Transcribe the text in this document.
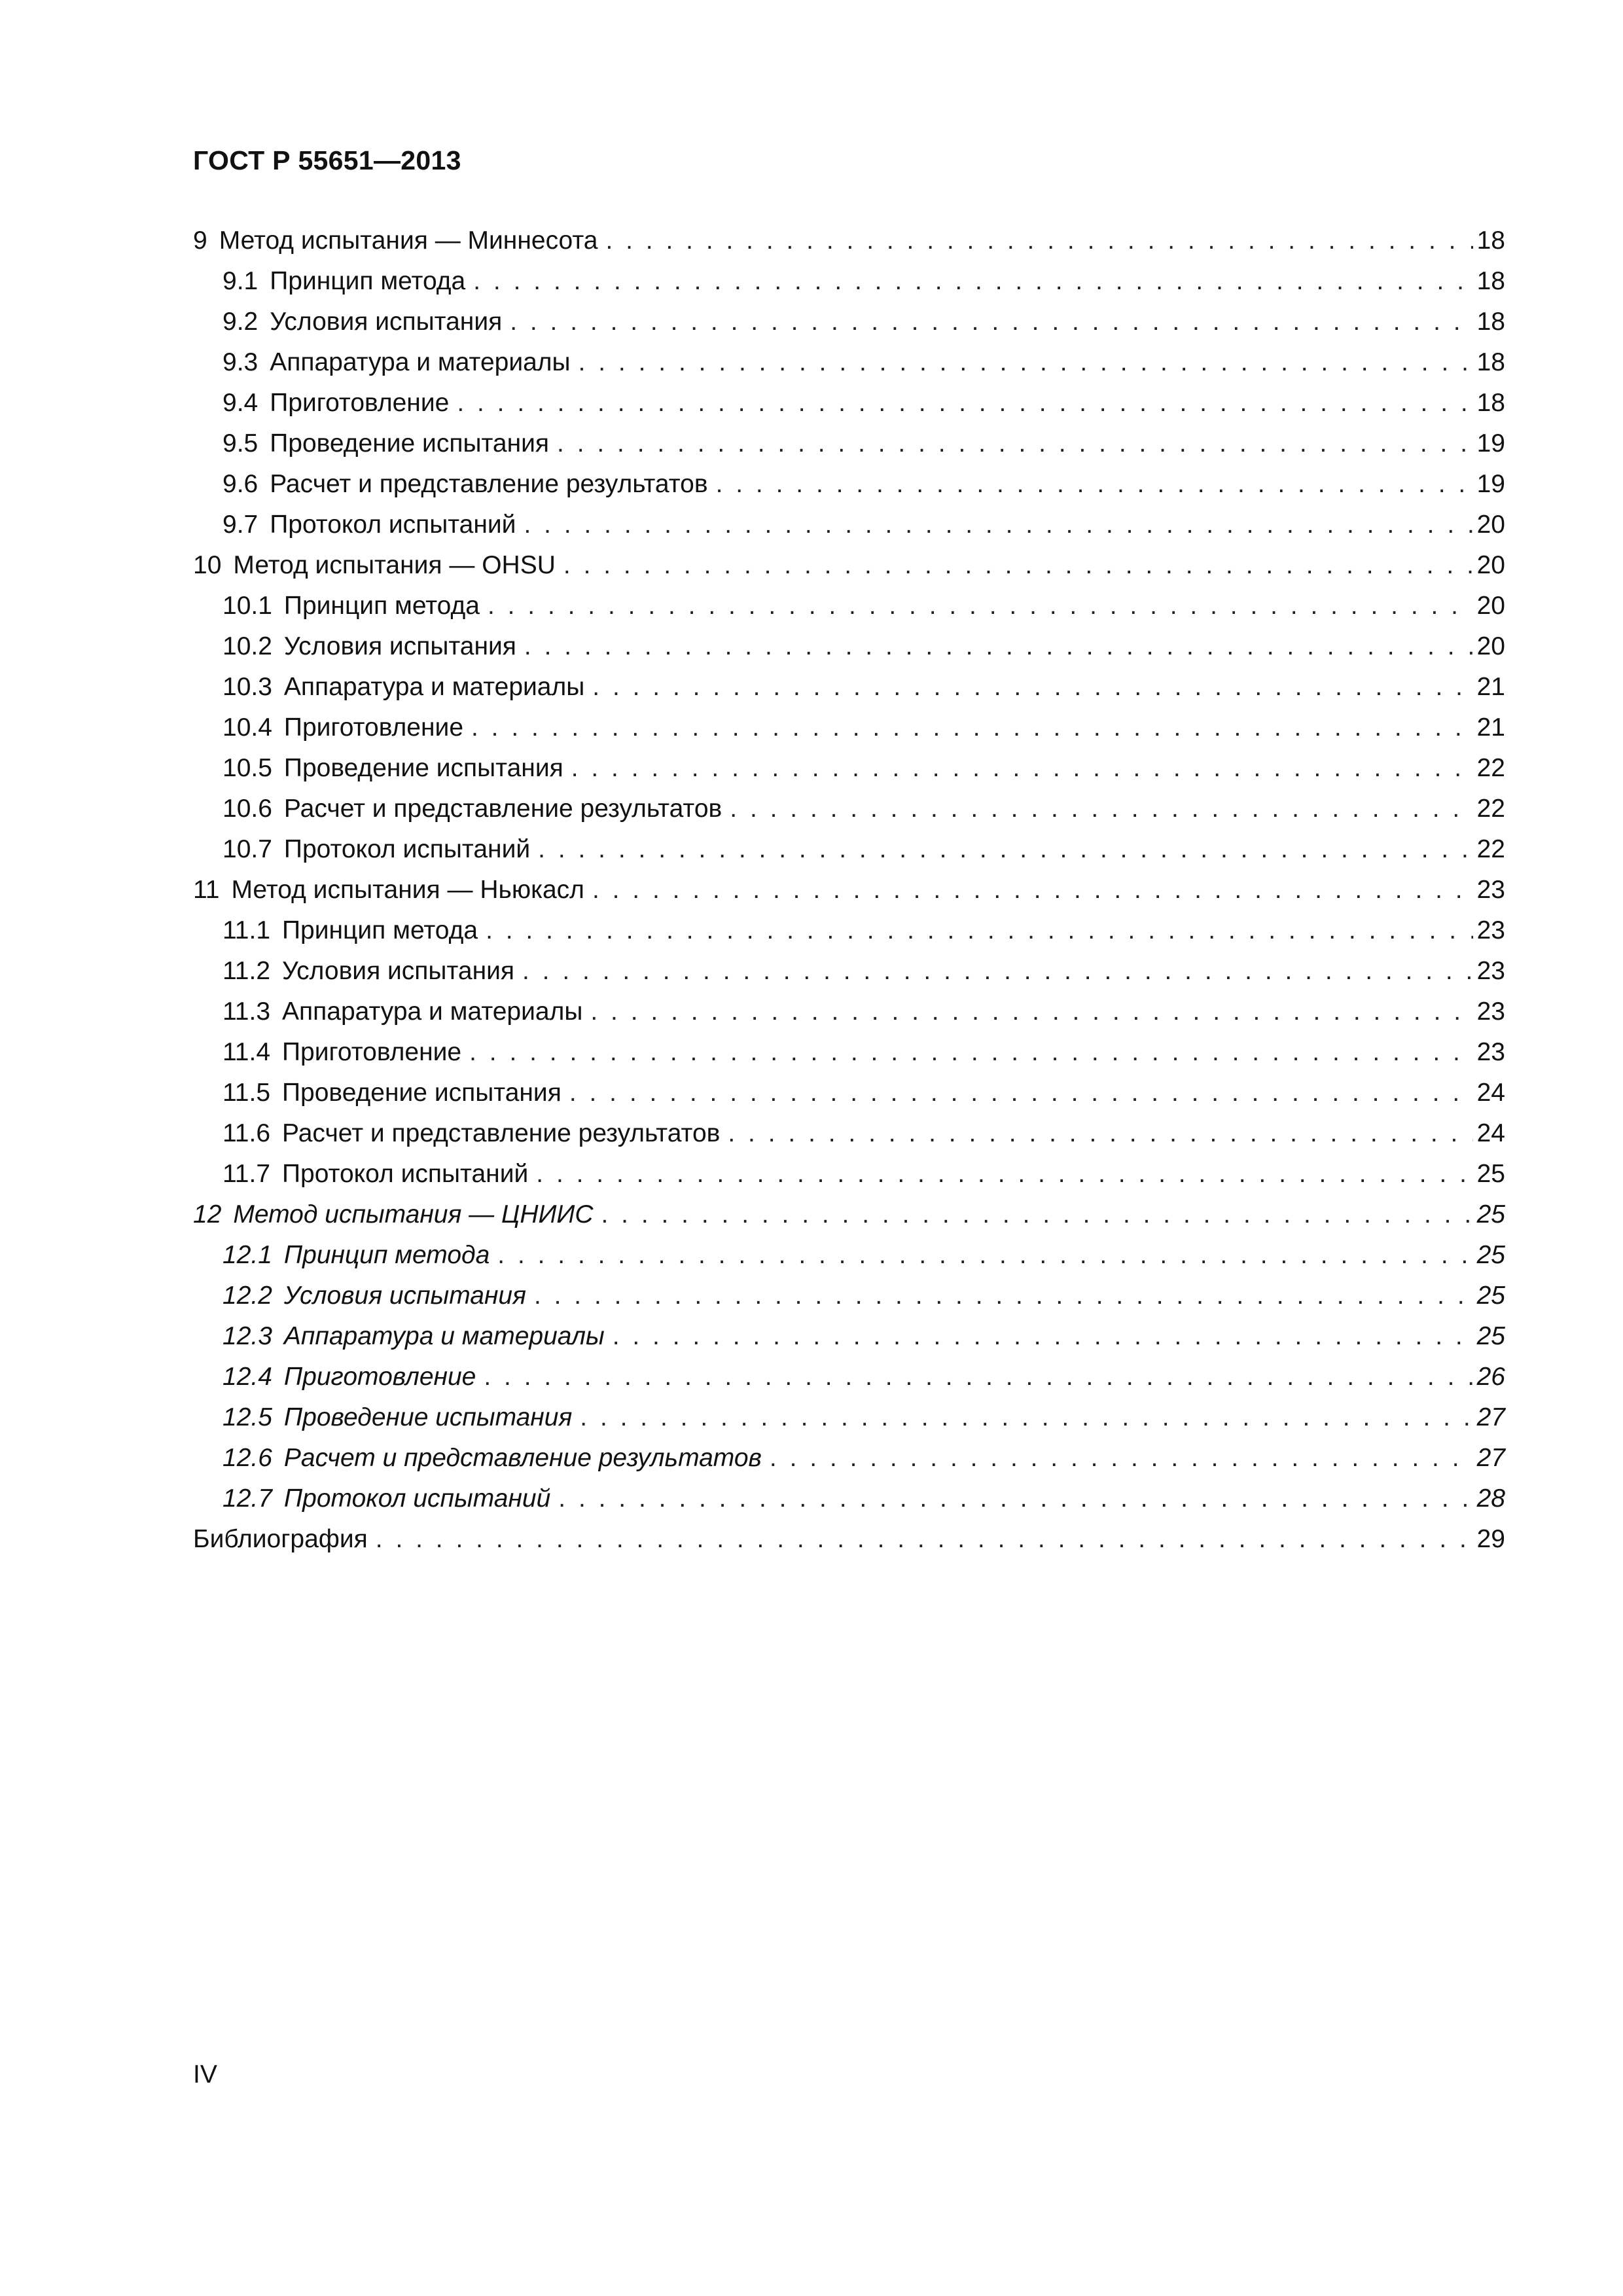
ГОСТ Р 55651—2013
9 Метод испытания — Миннесота . . .	18
9.1 Принцип метода . . .	18
9.2 Условия испытания . . .	18
9.3 Аппаратура и материалы . . .	18
9.4 Приготовление . . .	18
9.5 Проведение испытания . . .	19
9.6 Расчет и представление результатов . . .	19
9.7 Протокол испытаний . . .	20
10 Метод испытания — OHSU . . .	20
10.1 Принцип метода . . .	20
10.2 Условия испытания . . .	20
10.3 Аппаратура и материалы . . .	21
10.4 Приготовление . . .	21
10.5 Проведение испытания . . .	22
10.6 Расчет и представление результатов . . .	22
10.7 Протокол испытаний . . .	22
11 Метод испытания — Ньюкасл . . .	23
11.1 Принцип метода . . .	23
11.2 Условия испытания . . .	23
11.3 Аппаратура и материалы . . .	23
11.4 Приготовление . . .	23
11.5 Проведение испытания . . .	24
11.6 Расчет и представление результатов . . .	24
11.7 Протокол испытаний . . .	25
12 Метод испытания — ЦНИИС . . .	25
12.1 Принцип метода . . .	25
12.2 Условия испытания . . .	25
12.3 Аппаратура и материалы . . .	25
12.4 Приготовление . . .	26
12.5 Проведение испытания . . .	27
12.6 Расчет и представление результатов . . .	27
12.7 Протокол испытаний . . .	28
Библиография . . .	29
IV
